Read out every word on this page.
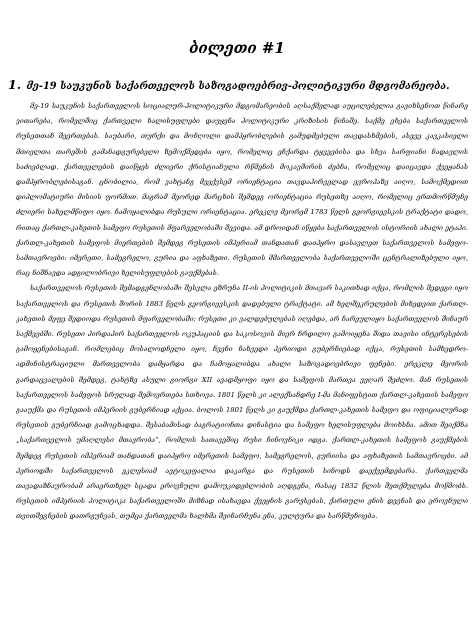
ბილეთი #1
1. მე-19 საუკუნის საქართველოს საზოგადოებრივ-პოლიტიკური მდგომარეობა.

მე-19 საუკუნის საქართველოს სოციალურ-პოლიტიკური მდგომარეობის აღსაქმელად აუცილებელია გავიხსენოთ წინარე ვითარება, რომელშიც ქართველი ხალისუფლები დაუყენა პოლიტიკური კრიზისის წინაშე. საქმე ეხება საქართველოს რუსეთთან შეერთებას. საუბარი, თურქი და მონღოლი დამპყრობლების გამუდმებული თავდასხმების, ასევე კავკასიელი მთიელთა თარეშის გამანადგურებელი ზემოქმედება იყო, რომელიც ეჩქარდა ტყვეებისა და სხვა სარფიანი ნადავლის საძიებლად. ქართველების დაიწყეს ძლიერი ქრისტიანული რწმენის მოკავშირის ძებნა, რომელიც დაიცავდა ქვეყანას დამპყრობლებისაგან. ცნობილია, რომ ვახტანგ მეექვსემ ორიენტაცია თავდაპირველად ევროპაზე აიღო, სამოქმედოთ დიპლომატიური მისიის ფორმით. მაგრამ მეორედ მარცხის შემდეგ ორიენტაცია რუსეთზე აიღო, რომელიც ერთმორწმუნე ძლიერი სახელმწიფო იყო. ჩამოყალიბდა რუსული ორიენტაცია. ერეკლე მეორემ 1783 წელს გეორგიევსკის ტრაქტატი დადო, რითაც ქართლ-კახეთის სამეფო რუსეთის მფარველობაში შევიდა. ამ დროიდან იწყება საქართველოს ისტორიის ახალი ეტაპი. ქართლ-კახეთის სამეფოს მიერთების შემდეგ რუსეთის იმპერიამ თანდათან დაიპყრო დასავლეთ საქართველოს სამეფო-სამთავროები: იმერეთი, სამეგრელო, გურია და აფხაზეთი. რუსეთის მმართველობა საქართველოში ცენტრალიზებული იყო, რაც ნიშნავდა ადგილობრივი ხელისუფლების გაუქმებას.

საქართველოს რუსეთის შემადგენლობაში შესვლა ეზრუნა II-ის პოლიტიკის მთავარ საკითხად იქცა, რომლის შედეგი იყო საქართველოს და რუსეთის შორის 1883 წელს გეორგიევსკის დადებული ტრაქტატი. ამ ხელშეკრულების მიხედვით ქართლ-კახეთის მეფე შედიოდა რუსეთის მფარველობაში; რუსეთი კი ვალდებულებას იღებდა, არ ჩარეულიყო საქართველოს შინაურ საქმეებში. რუსეთი პირდაპირ საქართველოს ოკუპაციის და საკოსოვის მიერ ჩრდილო გამოიყენა შიდა თავისი ინტერესების გამოყენებისაგან. რომლებიც მოსალოდნელი იყო, ჩვენი ნახვედი პერიოდი გუბერნიებად იქცა, რუსეთის სამხედრო-ადმინისტრაციული მართველობა დამყარდა და ჩამოყალიბდა ახალი საზოგადოებრივი ფენები. ერეკლე მეორის გარდაცვალების შემდეგ, ტახტზე ასული გიორგი XII ავადმყოფი იყო და სამეფოს მართვა ვეღარ შეძლო. მან რუსეთის საქართველოს სამეფოს სრულად შემოერთება სთხოვა. 1801 წელს კი ალექსანდრე I-მა მანიფესტით ქართლ-კახეთის სამეფო გააუქმა და რუსეთის იმპერიის გუბერნიად აქცია. ბოლოს 1801 წელს კი გაუქმდა ქართლ-კახეთის სამეფო და ოფიციალურად რუსეთის გუბერნიად გამოცხადდა. შესაბამისად ბაგრატიონთა დინასტია და სამეფო ხელისუფლება მოიხსნა. ამით შეიქმნა „საქართველოს უმაღლესი მთავრობა“, რომლის სათავეშიც რუსი ჩინოვნიკი იდგა. ქართლ-კახეთის სამეფოს გაუქმების შემდეგ რუსეთის იმპერიამ თანდათან დაიპყრო იმერეთის სამეფო, სამეგრელოს, გურიისა და აფხაზეთის სამთავროები. ამ პერიოდში საქართველოს ეკლესიამ ავტოკეფალია დაკარგა და რუსეთის სინოდს დაექვემდებარა. ქართველმა თავადაზნაურობამ არაერთხელ სცადა ეროვნული დამოუკიდებლობის აღდგენა, რასაც 1832 წლის შეთქმულება მოწმობს. რუსეთის იმპერიის პოლიტიკა საქართველოში მიზნად ისახავდა ქვეყნის გარუსებას, ქართული ენის დევნას და ეროვნული თვითშეგნების დათრგუნვას, თუმცა ქართველმა ხალხმა შეინარჩუნა ენა, კულტურა და სარწმუნოება.
